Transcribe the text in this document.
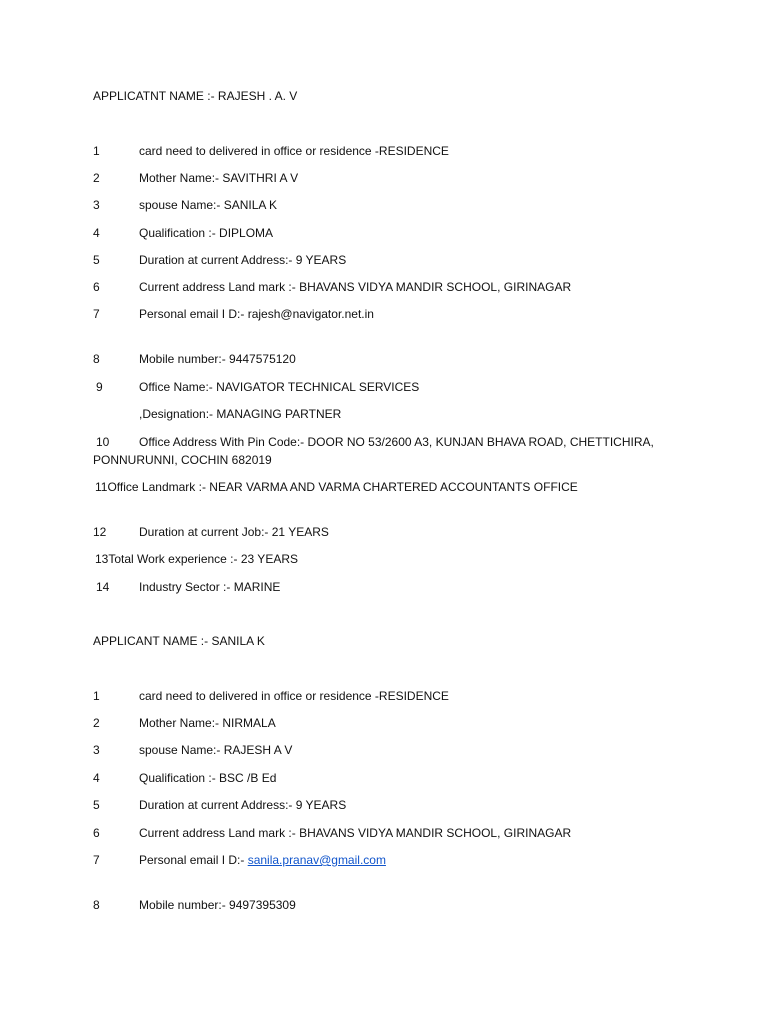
APPLICATNT NAME :- RAJESH . A. V
1	card need to delivered in office or residence -RESIDENCE
2	Mother Name:- SAVITHRI A V
3	spouse Name:- SANILA K
4	Qualification :- DIPLOMA
5	Duration at current Address:- 9 YEARS
6	Current address Land mark :- BHAVANS VIDYA MANDIR SCHOOL, GIRINAGAR
7	Personal email I D:- rajesh@navigator.net.in
8	Mobile number:- 9447575120
9	Office Name:- NAVIGATOR TECHNICAL SERVICES
,Designation:- MANAGING PARTNER
10 Office Address With Pin Code:- DOOR NO 53/2600 A3, KUNJAN BHAVA ROAD, CHETTICHIRA,
PONNURUNNI, COCHIN 682019
11Office Landmark :- NEAR VARMA AND VARMA CHARTERED ACCOUNTANTS OFFICE
12	Duration at current Job:- 21 YEARS
13Total Work experience :- 23 YEARS
14 Industry Sector :- MARINE
APPLICANT NAME :- SANILA K
1	card need to delivered in office or residence -RESIDENCE
2	Mother Name:- NIRMALA
3	spouse Name:- RAJESH A V
4	Qualification :- BSC /B Ed
5	Duration at current Address:- 9 YEARS
6	Current address Land mark :- BHAVANS VIDYA MANDIR SCHOOL, GIRINAGAR
7	Personal email I D:- sanila.pranav@gmail.com
8	Mobile number:- 9497395309
